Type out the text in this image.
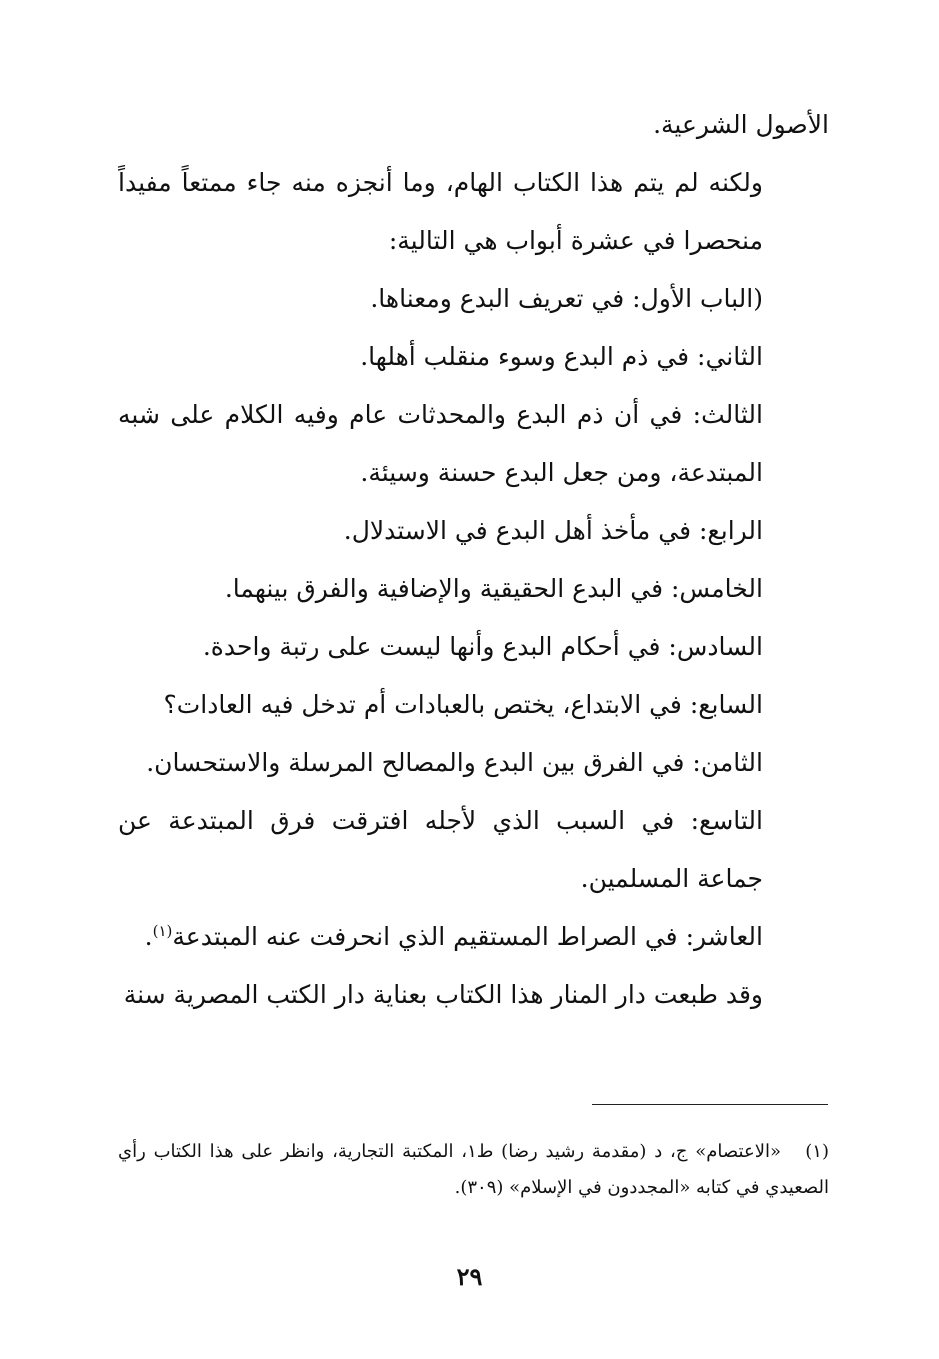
الأصول الشرعية.

ولكنه لم يتم هذا الكتاب الهام، وما أنجزه منه جاء ممتعاً مفيداً منحصرا في عشرة أبواب هي التالية:

(الباب الأول: في تعريف البدع ومعناها.

الثاني: في ذم البدع وسوء منقلب أهلها.

الثالث: في أن ذم البدع والمحدثات عام وفيه الكلام على شبه المبتدعة، ومن جعل البدع حسنة وسيئة.

الرابع: في مأخذ أهل البدع في الاستدلال.

الخامس: في البدع الحقيقية والإضافية والفرق بينهما.

السادس: في أحكام البدع وأنها ليست على رتبة واحدة.

السابع: في الابتداع، يختص بالعبادات أم تدخل فيه العادات؟

الثامن: في الفرق بين البدع والمصالح المرسلة والاستحسان.

التاسع: في السبب الذي لأجله افترقت فرق المبتدعة عن جماعة المسلمين.

العاشر: في الصراط المستقيم الذي انحرفت عنه المبتدعة$^{(١)}$.

وقد طبعت دار المنار هذا الكتاب بعناية دار الكتب المصرية سنة

(١)«الاعتصام» ج، د (مقدمة رشيد رضا) ط١، المكتبة التجارية، وانظر على هذا الكتاب رأي الصعيدي في كتابه «المجددون في الإسلام» (٣٠٩).
٢٩
